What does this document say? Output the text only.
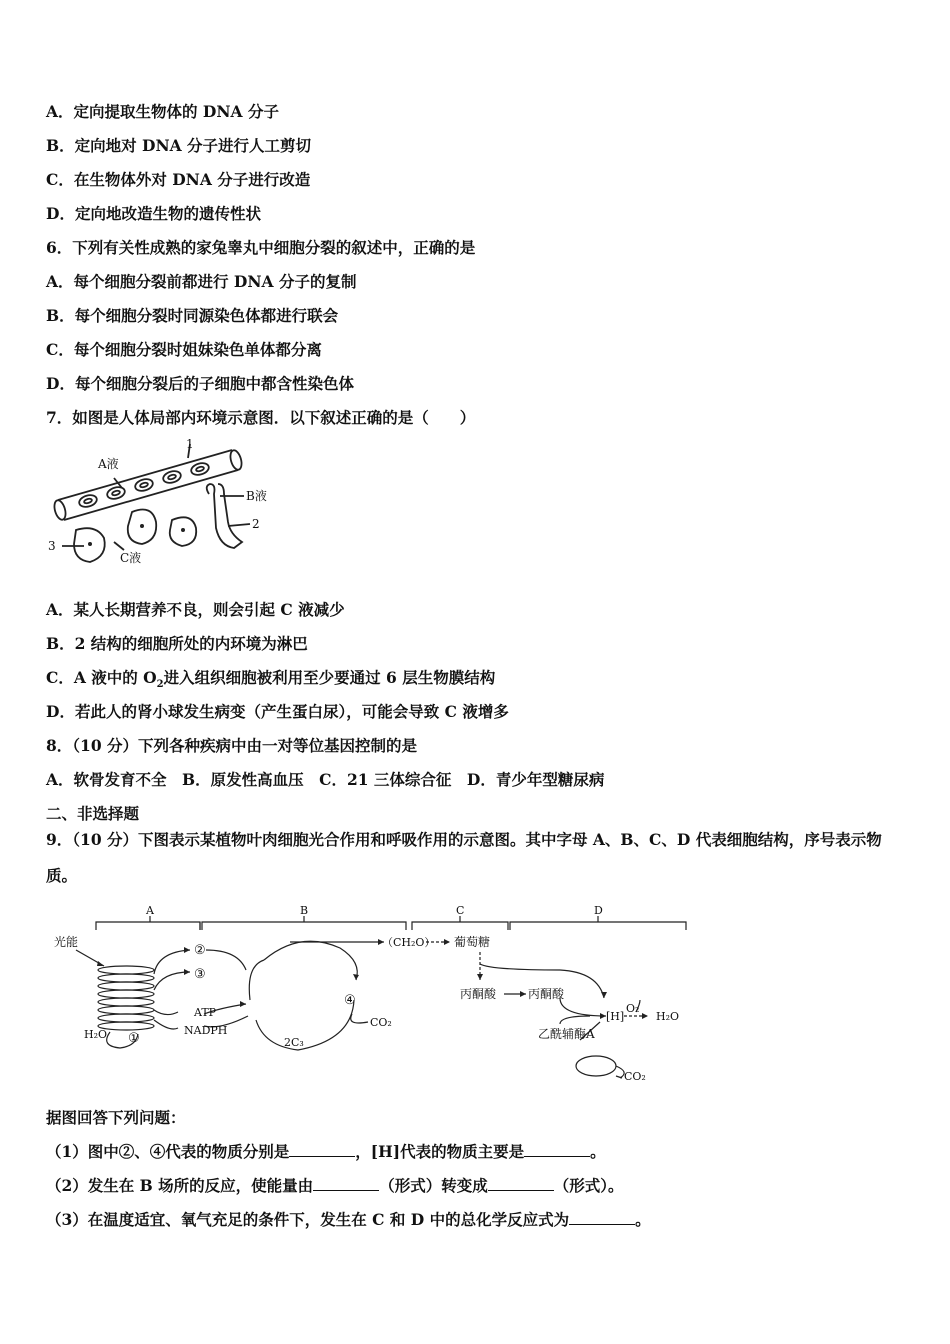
A．定向提取生物体的 DNA 分子
B．定向地对 DNA 分子进行人工剪切
C．在生物体外对 DNA 分子进行改造
D．定向地改造生物的遗传性状
6．下列有关性成熟的家兔睾丸中细胞分裂的叙述中，正确的是
A．每个细胞分裂前都进行 DNA 分子的复制
B．每个细胞分裂时同源染色体都进行联会
C．每个细胞分裂时姐妹染色单体都分离
D．每个细胞分裂后的子细胞中都含性染色体
7．如图是人体局部内环境示意图．以下叙述正确的是（　　）
A液
B液
C液
1
2
3
A．某人长期营养不良，则会引起 C 液减少
B．2 结构的细胞所处的内环境为淋巴
C．A 液中的 $O_2$进入组织细胞被利用至少要通过 6 层生物膜结构
D．若此人的肾小球发生病变（产生蛋白尿），可能会导致 C 液增多
8．（10 分）下列各种疾病中由一对等位基因控制的是
A．软骨发育不全　B．原发性高血压　C．21 三体综合征　D．青少年型糖尿病
二、非选择题
9．（10 分）下图表示某植物叶肉细胞光合作用和呼吸作用的示意图。其中字母 A、B、C、D 代表细胞结构，序号表示物
质。
A	B	C	D
光能
②
③
ATP
NADPH
H₂O ①
④
CO₂
2C₃
（CH₂O） 葡萄糖
丙酮酸	丙酮酸
O₂
[H]	H₂O
乙酰辅酶A
CO₂
据图回答下列问题：
（1）图中②、④代表的物质分别是	，[H]代表的物质主要是	。
（2）发生在 B 场所的反应，使能量由	（形式）转变成	（形式）。
（3）在温度适宜、氧气充足的条件下，发生在 C 和 D 中的总化学反应式为	。
